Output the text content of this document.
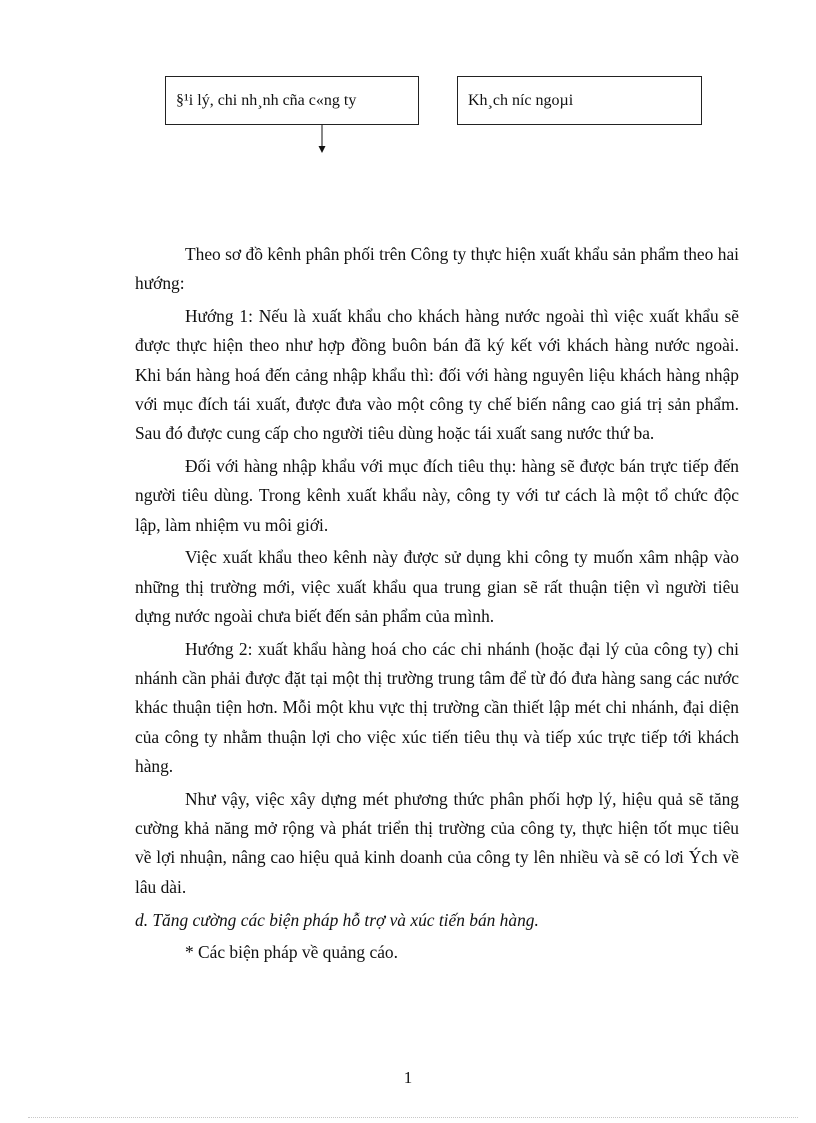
§¹i lý, chi nh¸nh cña c«ng ty	Kh¸ch níc ngoµi

Theo sơ đồ kênh phân phối trên Công ty thực hiện xuất khẩu sản phẩm theo hai hướng:

Hướng 1: Nếu là xuất khẩu cho khách hàng nước ngoài thì việc xuất khẩu sẽ được thực hiện theo như hợp đồng buôn bán đã ký kết với khách hàng nước ngoài. Khi bán hàng hoá đến cảng nhập khẩu thì: đối với hàng nguyên liệu khách hàng nhập với mục đích tái xuất, được đưa vào một công ty chế biến nâng cao giá trị sản phẩm. Sau đó được cung cấp cho người tiêu dùng hoặc tái xuất sang nước thứ ba.

Đối với hàng nhập khẩu với mục đích tiêu thụ: hàng sẽ được bán trực tiếp đến người tiêu dùng. Trong kênh xuất khẩu này, công ty với tư cách là một tổ chức độc lập, làm nhiệm vu môi giới.

Việc xuất khẩu theo kênh này được sử dụng khi công ty muốn xâm nhập vào những thị trường mới, việc xuất khẩu qua trung gian sẽ rất thuận tiện vì người tiêu dựng nước ngoài chưa biết đến sản phẩm của mình.

Hướng 2: xuất khẩu hàng hoá cho các chi nhánh (hoặc đại lý của công ty) chi nhánh cần phải được đặt tại một thị trường trung tâm để từ đó đưa hàng sang các nước khác thuận tiện hơn. Mỗi một khu vực thị trường cần thiết lập mét chi nhánh, đại diện của công ty nhằm thuận lợi cho việc xúc tiến tiêu thụ và tiếp xúc trực tiếp tới khách hàng.

Như vậy, việc xây dựng mét phương thức phân phối hợp lý, hiệu quả sẽ tăng cường khả năng mở rộng và phát triển thị trường của công ty, thực hiện tốt mục tiêu về lợi nhuận, nâng cao hiệu quả kinh doanh của công ty lên nhiều và sẽ có lơi Ých về lâu dài.

d. Tăng cường các biện pháp hỗ trợ và xúc tiến bán hàng.

* Các biện pháp về quảng cáo.

1
